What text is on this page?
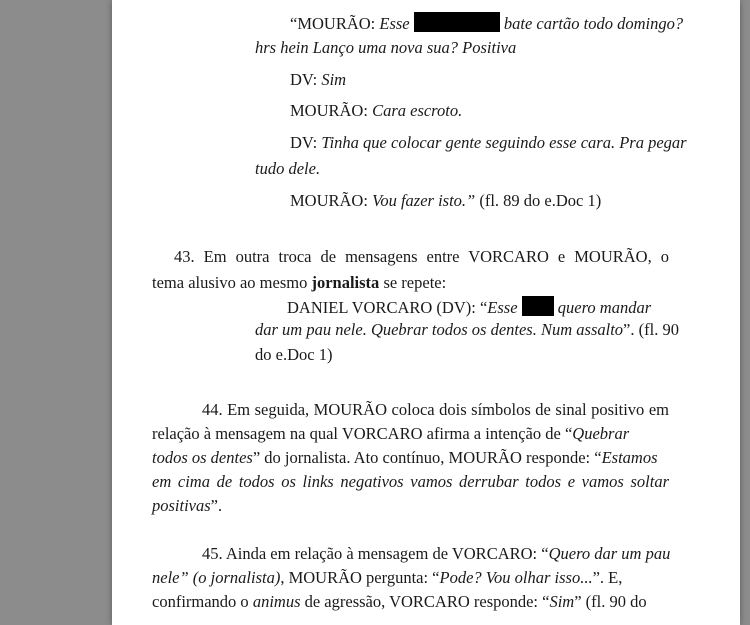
“MOURÃO: Esse	bate cartão todo domingo?
hrs hein Lanço uma nova sua? Positiva
DV: Sim
MOURÃO: Cara escroto.
DV: Tinha que colocar gente seguindo esse cara. Pra pegar
tudo dele.
MOURÃO: Vou fazer isto.” (fl. 89 do e.Doc 1)
43. Em outra troca de mensagens entre VORCARO e MOURÃO, o
tema alusivo ao mesmo jornalista se repete:
DANIEL VORCARO (DV): “Esse quero mandar
dar um pau nele. Quebrar todos os dentes. Num assalto”. (fl. 90
do e.Doc 1)
44. Em seguida, MOURÃO coloca dois símbolos de sinal positivo em
relação à mensagem na qual VORCARO afirma a intenção de “Quebrar
todos os dentes” do jornalista. Ato contínuo, MOURÃO responde: “Estamos
em cima de todos os links negativos vamos derrubar todos e vamos soltar
positivas”.
45. Ainda em relação à mensagem de VORCARO: “Quero dar um pau
nele” (o jornalista), MOURÃO pergunta: “Pode? Vou olhar isso...”. E,
confirmando o animus de agressão, VORCARO responde: “Sim” (fl. 90 do
